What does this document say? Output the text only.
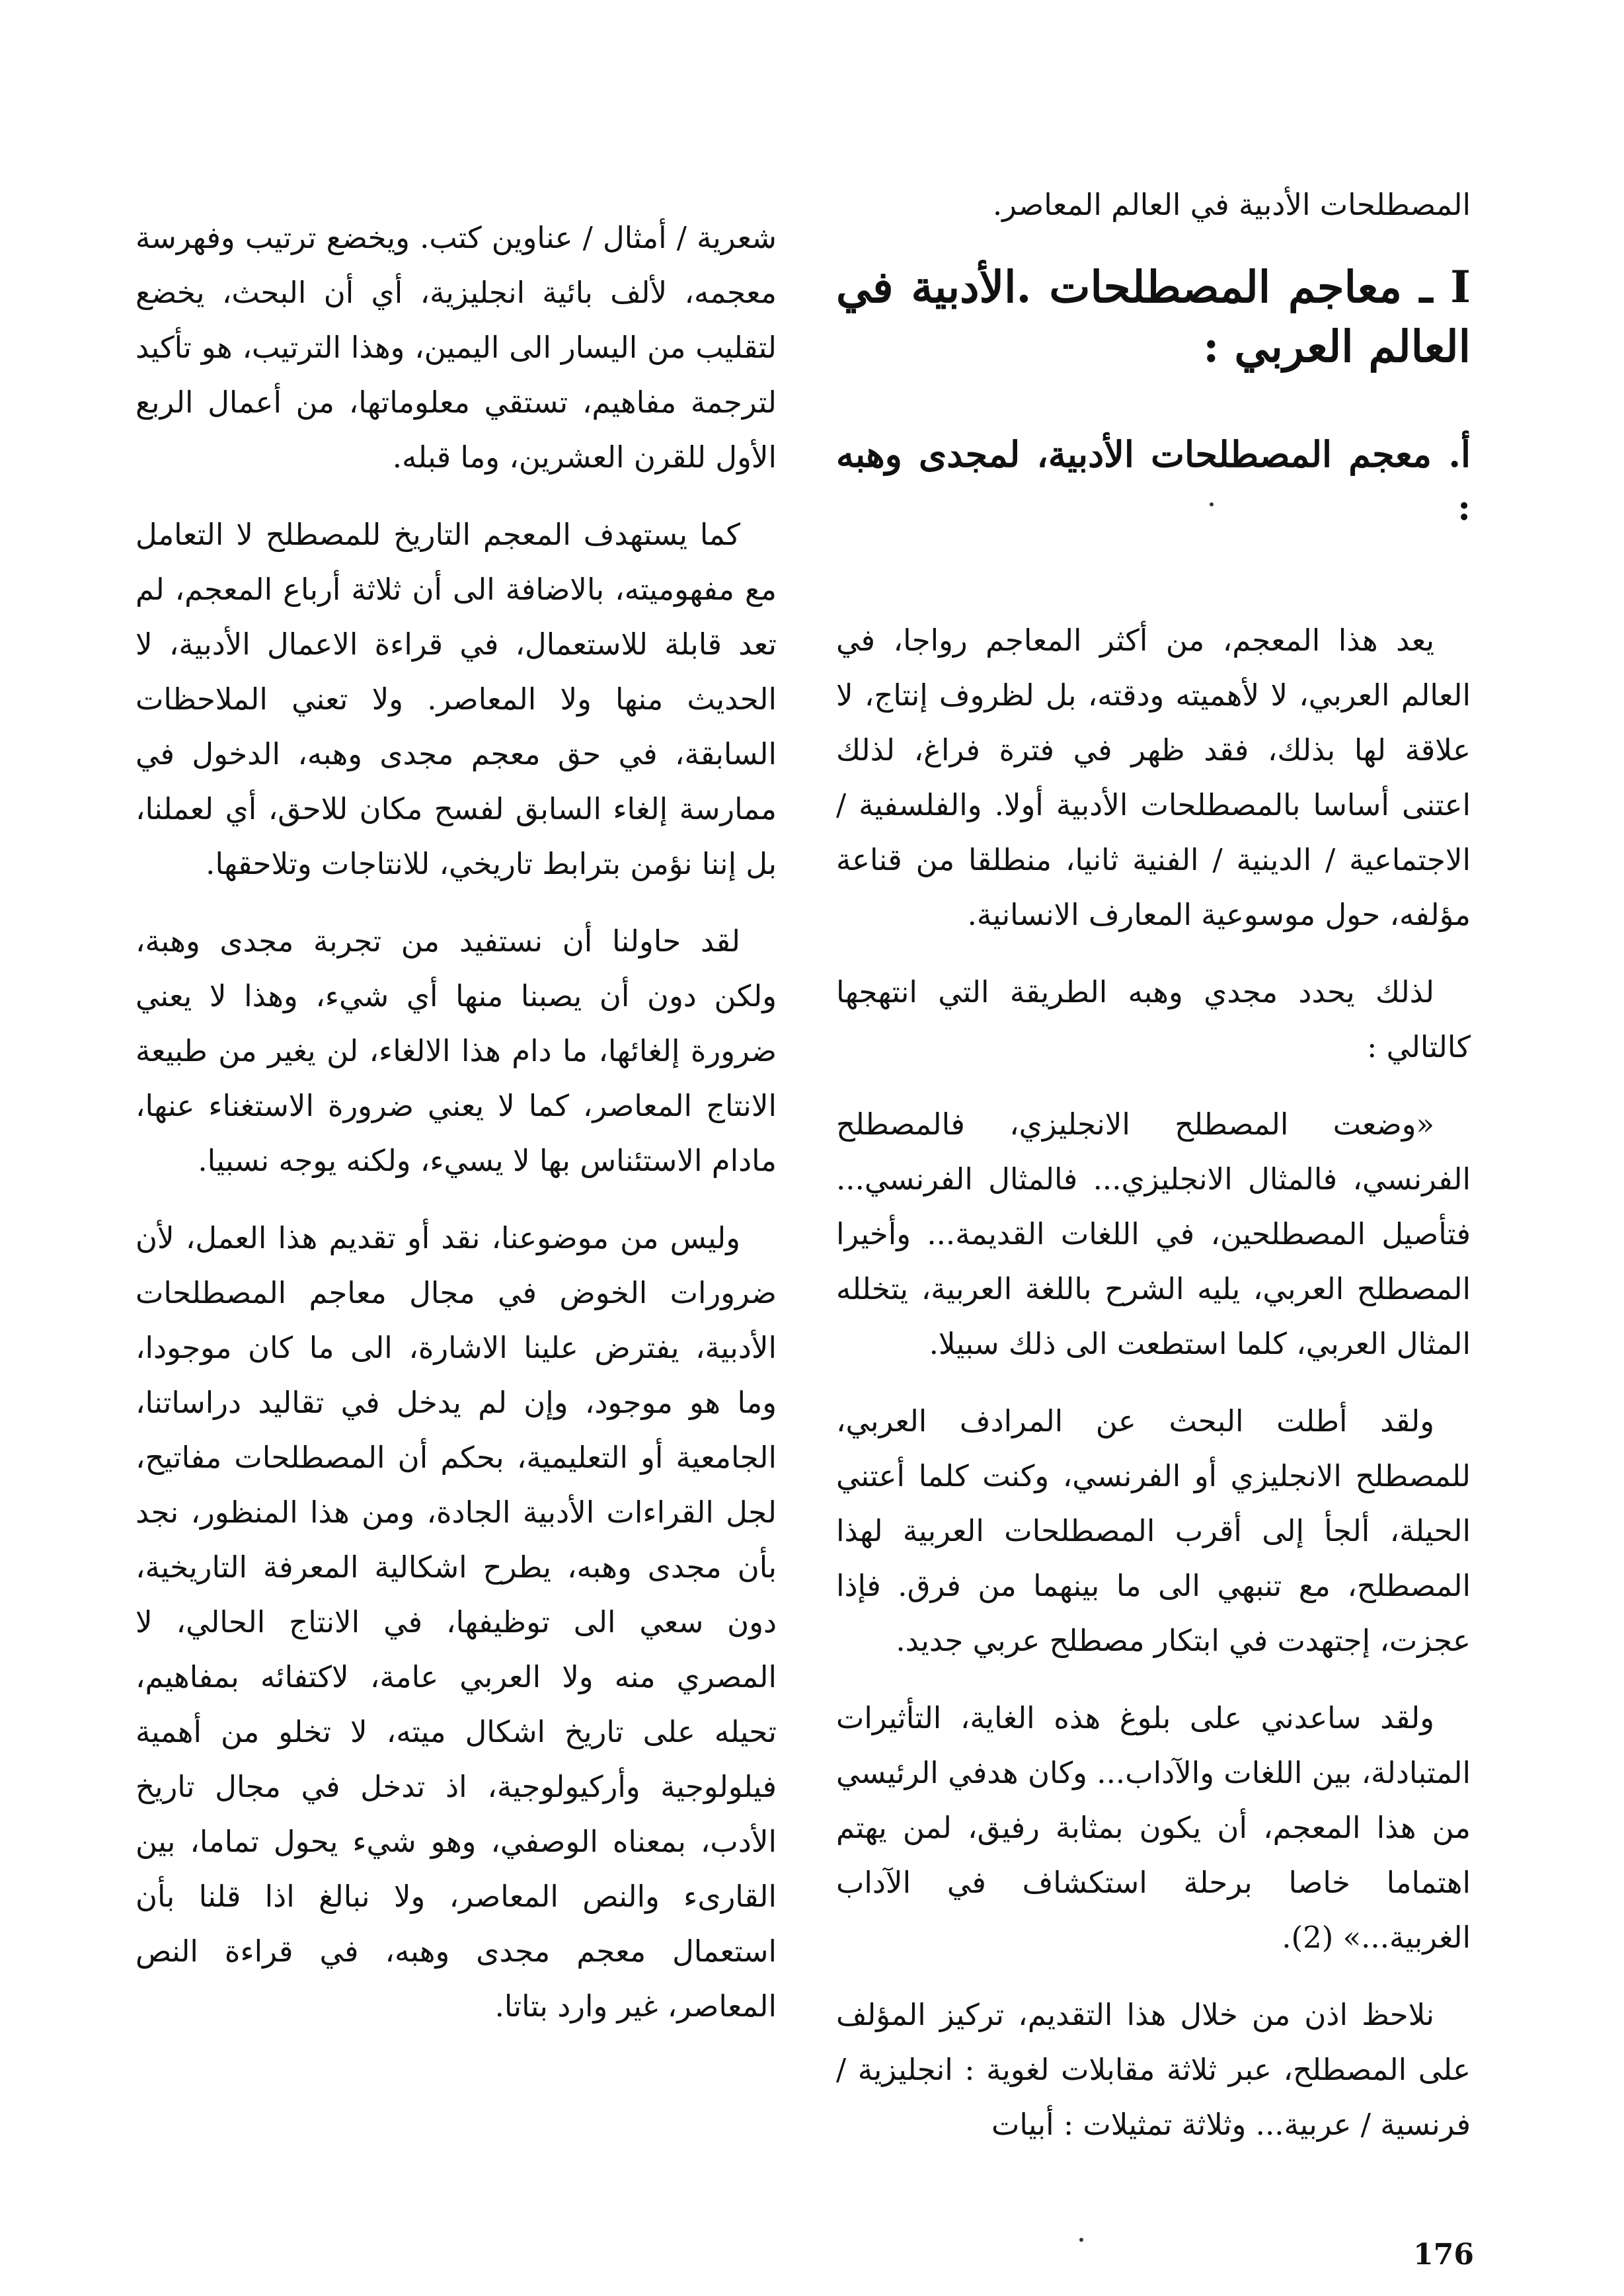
المصطلحات الأدبية في العالم المعاصر.

I ـ معاجم المصطلحات .الأدبية في العالم العربي :
أ. معجم المصطلحات الأدبية، لمجدى وهبه :

يعد هذا المعجم، من أكثر المعاجم رواجا، في العالم العربي، لا لأهميته ودقته، بل لظروف إنتاج، لا علاقة لها بذلك، فقد ظهر في فترة فراغ، لذلك اعتنى أساسا بالمصطلحات الأدبية أولا. والفلسفية / الاجتماعية / الدينية / الفنية ثانيا، منطلقا من قناعة مؤلفه، حول موسوعية المعارف الانسانية.

لذلك يحدد مجدي وهبه الطريقة التي انتهجها كالتالي :

«وضعت المصطلح الانجليزي، فالمصطلح الفرنسي، فالمثال الانجليزي... فالمثال الفرنسي... فتأصيل المصطلحين، في اللغات القديمة... وأخيرا المصطلح العربي، يليه الشرح باللغة العربية، يتخلله المثال العربي، كلما استطعت الى ذلك سبيلا.

ولقد أطلت البحث عن المرادف العربي، للمصطلح الانجليزي أو الفرنسي، وكنت كلما أعتني الحيلة، ألجأ إلى أقرب المصطلحات العربية لهذا المصطلح، مع تنبهي الى ما بينهما من فرق. فإذا عجزت، إجتهدت في ابتكار مصطلح عربي جديد.

ولقد ساعدني على بلوغ هذه الغاية، التأثيرات المتبادلة، بين اللغات والآداب... وكان هدفي الرئيسي من هذا المعجم، أن يكون بمثابة رفيق، لمن يهتم اهتماما خاصا برحلة استكشاف في الآداب الغربية...» (2).

نلاحظ اذن من خلال هذا التقديم، تركيز المؤلف على المصطلح، عبر ثلاثة مقابلات لغوية : انجليزية / فرنسية / عربية... وثلاثة تمثيلات : أبيات

شعرية / أمثال / عناوين كتب. ويخضع ترتيب وفهرسة معجمه، لألف بائية انجليزية، أي أن البحث، يخضع لتقليب من اليسار الى اليمين، وهذا الترتيب، هو تأكيد لترجمة مفاهيم، تستقي معلوماتها، من أعمال الربع الأول للقرن العشرين، وما قبله.

كما يستهدف المعجم التاريخ للمصطلح لا التعامل مع مفهوميته، بالاضافة الى أن ثلاثة أرباع المعجم، لم تعد قابلة للاستعمال، في قراءة الاعمال الأدبية، لا الحديث منها ولا المعاصر. ولا تعني الملاحظات السابقة، في حق معجم مجدى وهبه، الدخول في ممارسة إلغاء السابق لفسح مكان للاحق، أي لعملنا، بل إننا نؤمن بترابط تاريخي، للانتاجات وتلاحقها.

لقد حاولنا أن نستفيد من تجربة مجدى وهبة، ولكن دون أن يصبنا منها أي شيء، وهذا لا يعني ضرورة إلغائها، ما دام هذا الالغاء، لن يغير من طبيعة الانتاج المعاصر، كما لا يعني ضرورة الاستغناء عنها، مادام الاستئناس بها لا يسيء، ولكنه يوجه نسبيا.

وليس من موضوعنا، نقد أو تقديم هذا العمل، لأن ضرورات الخوض في مجال معاجم المصطلحات الأدبية، يفترض علينا الاشارة، الى ما كان موجودا، وما هو موجود، وإن لم يدخل في تقاليد دراساتنا، الجامعية أو التعليمية، بحكم أن المصطلحات مفاتيح، لجل القراءات الأدبية الجادة، ومن هذا المنظور، نجد بأن مجدى وهبه، يطرح اشكالية المعرفة التاريخية، دون سعي الى توظيفها، في الانتاج الحالي، لا المصري منه ولا العربي عامة، لاكتفائه بمفاهيم، تحيله على تاريخ اشكال ميته، لا تخلو من أهمية فيلولوجية وأركيولوجية، اذ تدخل في مجال تاريخ الأدب، بمعناه الوصفي، وهو شيء يحول تماما، بين القارىء والنص المعاصر، ولا نبالغ اذا قلنا بأن استعمال معجم مجدى وهبه، في قراءة النص المعاصر، غير وارد بتاتا.

176
